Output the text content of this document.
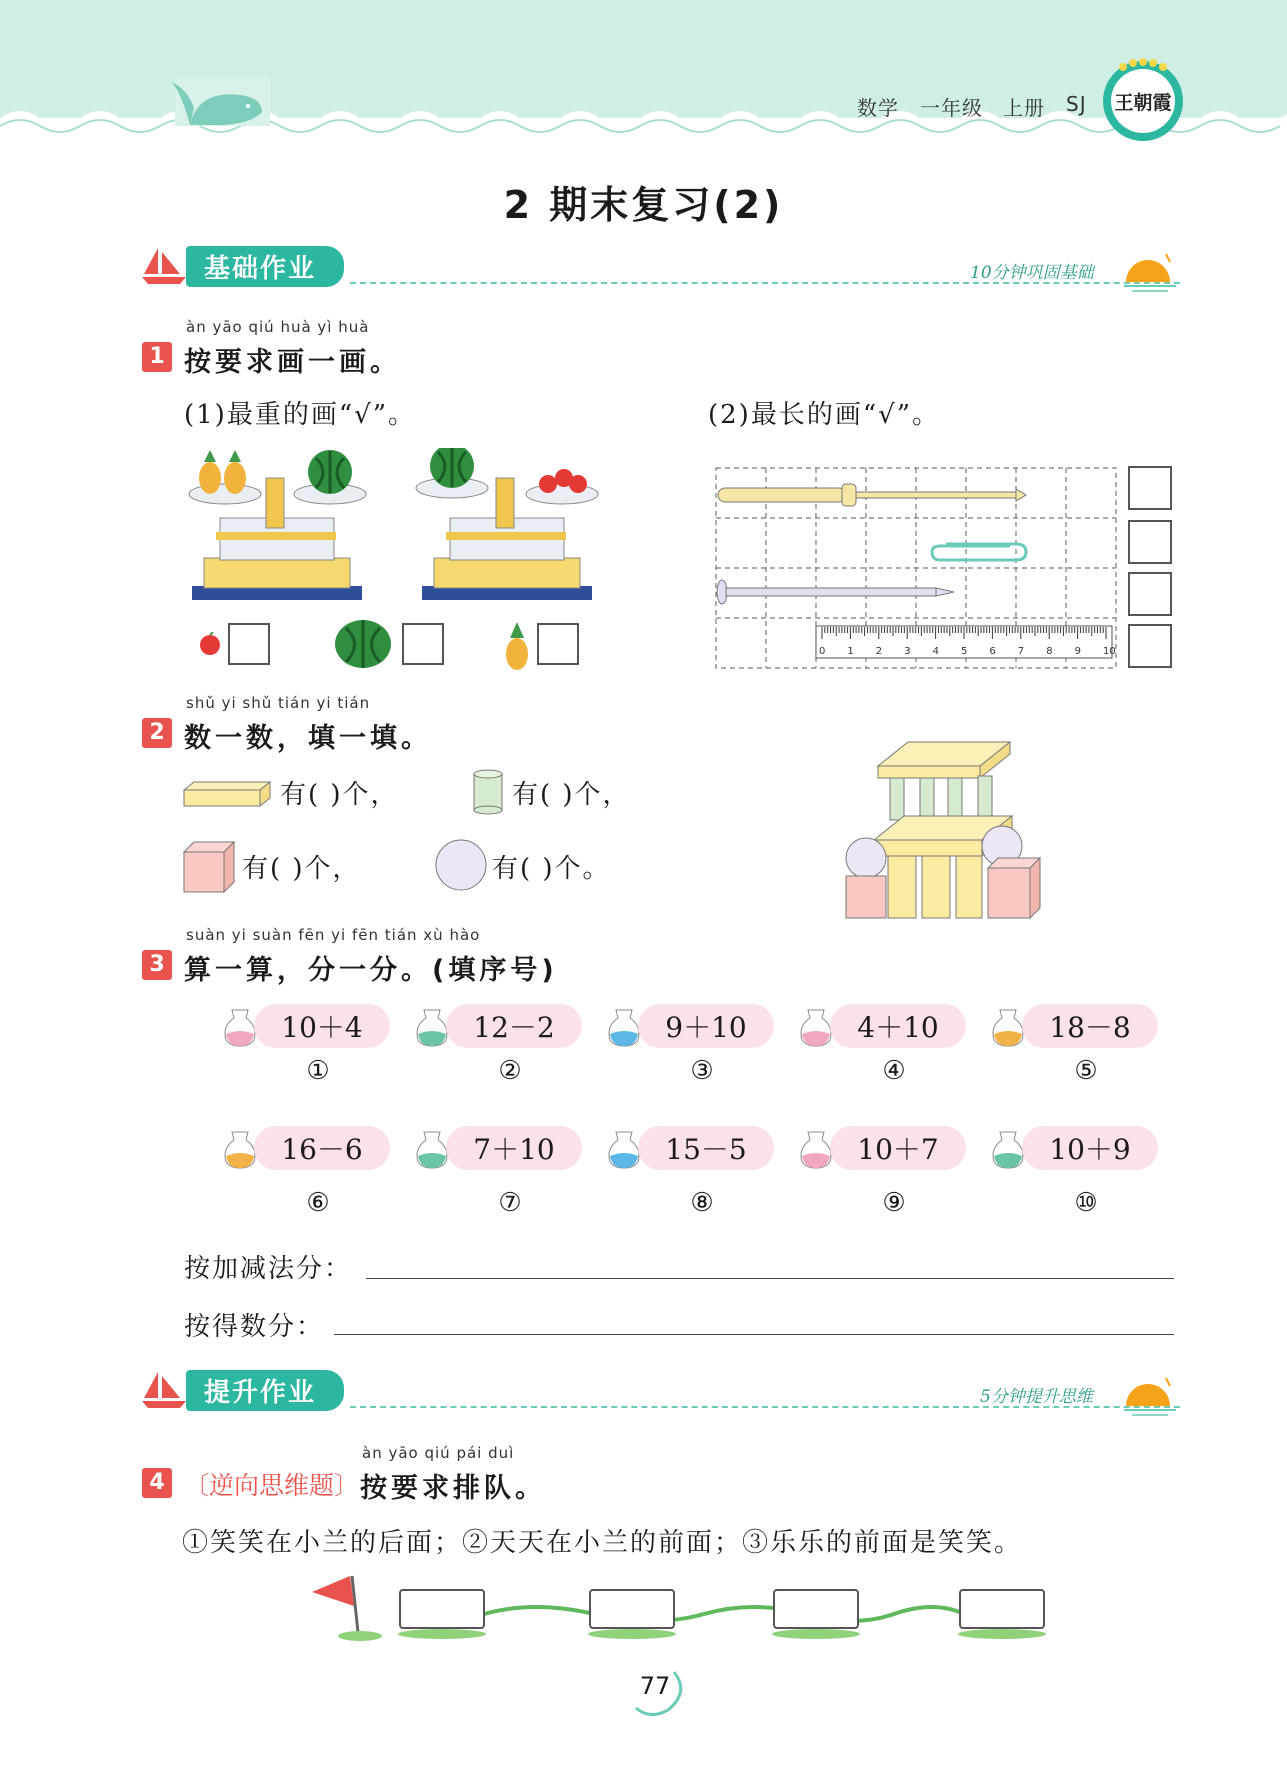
数学 一年级 上册 SJ	王朝霞
2 期末复习(2)
基础作业	10分钟巩固基础
àn yāo qiú huà yì huà
1 按要求画一画。
(1)最重的画“√”。	(2)最长的画“√”。
0 1 2 3 4 5 6 7 8 9 10
shǔ yi shǔ tián yi tián
2 数一数，填一填。
有( )个，	有( )个，
有( )个，	有( )个。
suàn yi suàn fēn yi fēn tián xù hào
3 算一算，分一分。(填序号)
10＋4
①
12－2
②
9＋10
③
4＋10
④
18－8
⑤
16－6
⑥
7＋10
⑦
15－5
⑧
10＋7
⑨
10＋9
⑩
按加减法分：
按得数分：
提升作业	5分钟提升思维
àn yāo qiú pái duì
4 〔逆向思维题〕 按要求排队。
①笑笑在小兰的后面；②天天在小兰的前面；③乐乐的前面是笑笑。
77
